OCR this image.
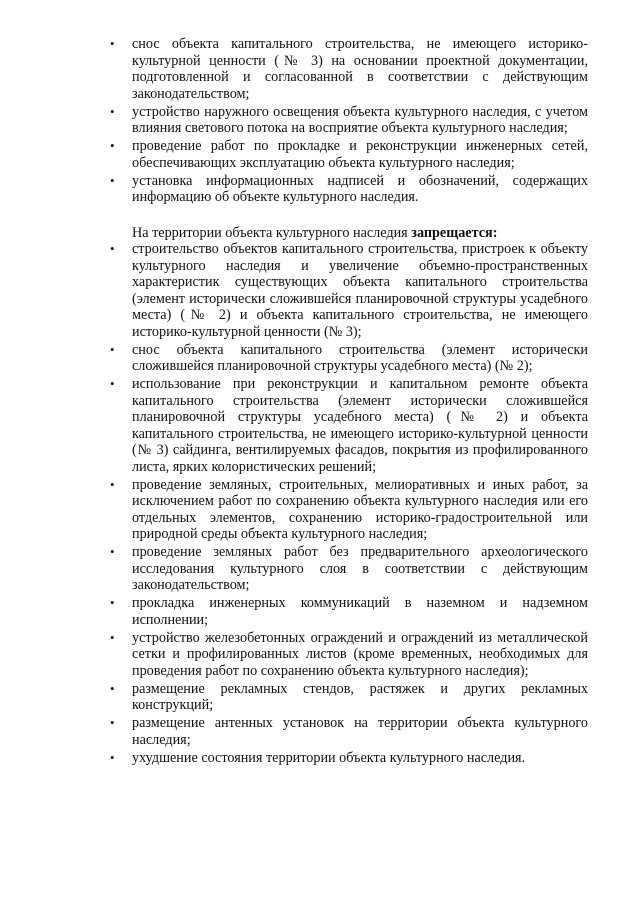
• снос объекта капитального строительства, не имеющего историко-культурной ценности (№ 3) на основании проектной документации, подготовленной и согласованной в соответствии с действующим законодательством;
• устройство наружного освещения объекта культурного наследия, с учетом влияния светового потока на восприятие объекта культурного наследия;
• проведение работ по прокладке и реконструкции инженерных сетей, обеспечивающих эксплуатацию объекта культурного наследия;
• установка информационных надписей и обозначений, содержащих информацию об объекте культурного наследия.

На территории объекта культурного наследия запрещается:

• строительство объектов капитального строительства, пристроек к объекту культурного наследия и увеличение объемно-пространственных характеристик существующих объекта капитального строительства (элемент исторически сложившейся планировочной структуры усадебного места) (№ 2) и объекта капитального строительства, не имеющего историко-культурной ценности (№ 3);
• снос объекта капитального строительства (элемент исторически сложившейся планировочной структуры усадебного места) (№ 2);
• использование при реконструкции и капитальном ремонте объекта капитального строительства (элемент исторически сложившейся планировочной структуры усадебного места) (№ 2) и объекта капитального строительства, не имеющего историко-культурной ценности (№ 3) сайдинга, вентилируемых фасадов, покрытия из профилированного листа, ярких колористических решений;
• проведение земляных, строительных, мелиоративных и иных работ, за исключением работ по сохранению объекта культурного наследия или его отдельных элементов, сохранению историко-градостроительной или природной среды объекта культурного наследия;
• проведение земляных работ без предварительного археологического исследования культурного слоя в соответствии с действующим законодательством;
• прокладка инженерных коммуникаций в наземном и надземном исполнении;
• устройство железобетонных ограждений и ограждений из металлической сетки и профилированных листов (кроме временных, необходимых для проведения работ по сохранению объекта культурного наследия);
• размещение рекламных стендов, растяжек и других рекламных конструкций;
• размещение антенных установок на территории объекта культурного наследия;
• ухудшение состояния территории объекта культурного наследия.
